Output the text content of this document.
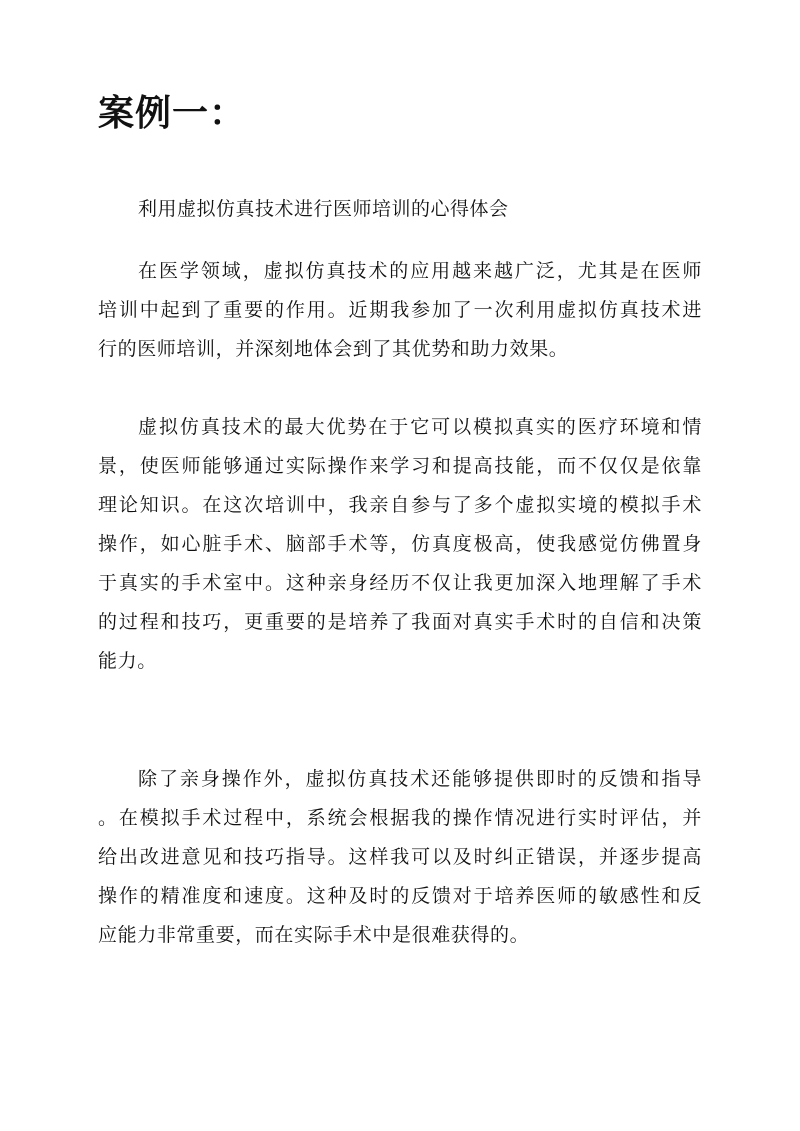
案例一：

利用虚拟仿真技术进行医师培训的心得体会

在医学领域，虚拟仿真技术的应用越来越广泛，尤其是在医师
培训中起到了重要的作用。近期我参加了一次利用虚拟仿真技术进
行的医师培训，并深刻地体会到了其优势和助力效果。

虚拟仿真技术的最大优势在于它可以模拟真实的医疗环境和情
景，使医师能够通过实际操作来学习和提高技能，而不仅仅是依靠
理论知识。在这次培训中，我亲自参与了多个虚拟实境的模拟手术
操作，如心脏手术、脑部手术等，仿真度极高，使我感觉仿佛置身
于真实的手术室中。这种亲身经历不仅让我更加深入地理解了手术
的过程和技巧，更重要的是培养了我面对真实手术时的自信和决策
能力。

除了亲身操作外，虚拟仿真技术还能够提供即时的反馈和指导
。在模拟手术过程中，系统会根据我的操作情况进行实时评估，并
给出改进意见和技巧指导。这样我可以及时纠正错误，并逐步提高
操作的精准度和速度。这种及时的反馈对于培养医师的敏感性和反
应能力非常重要，而在实际手术中是很难获得的。
